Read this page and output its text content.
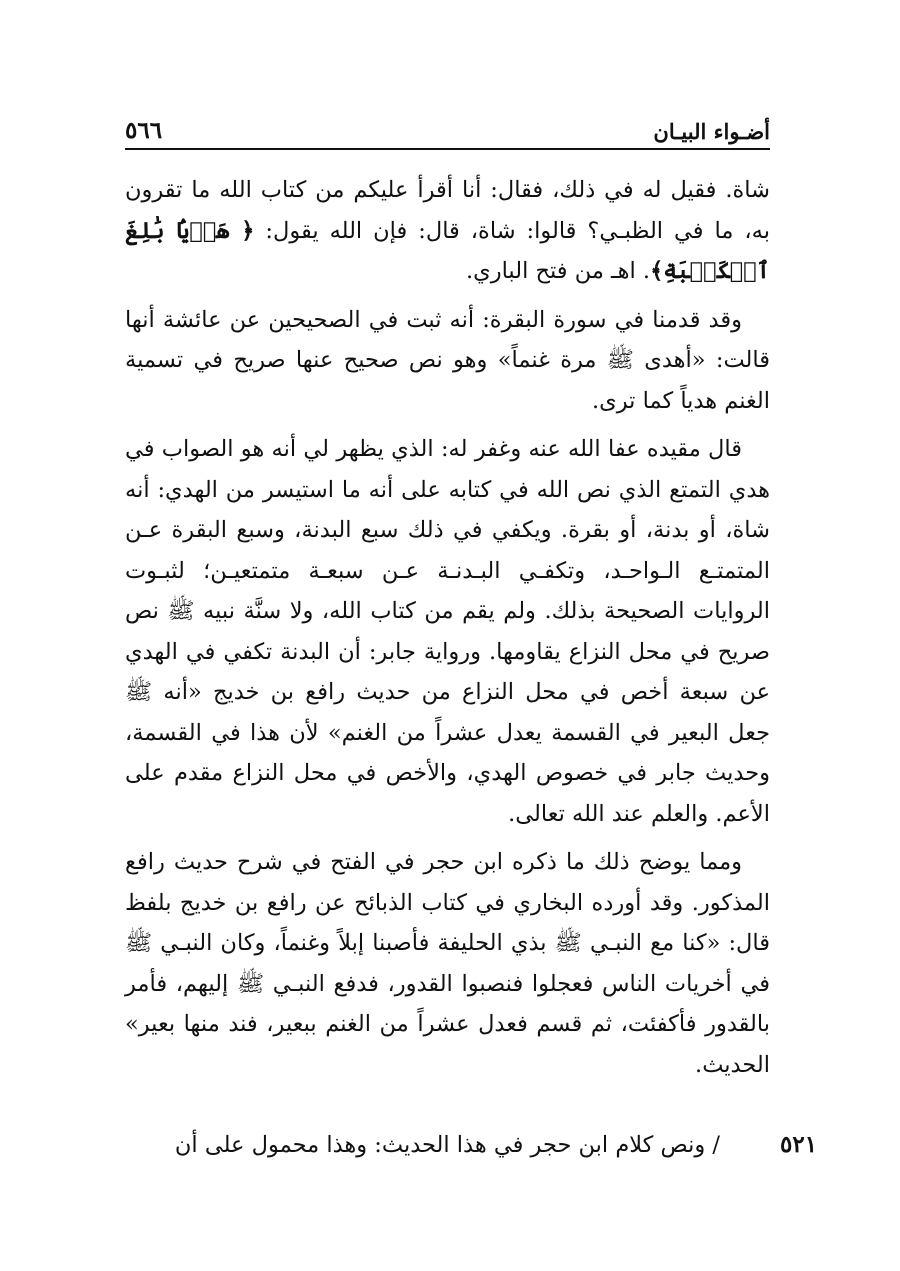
٥٦٦	أضـواء البيـان

شاة. فقيل له في ذلك، فقال: أنا أقرأ عليكم من كتاب الله ما تقرون به، ما في الظبـي؟ قالوا: شاة، قال: فإن الله يقول: ﴿ هَدۡيَۢا بَٰلِغَ ٱلۡكَعۡبَةِ﴾. اهـ من فتح الباري.

وقد قدمنا في سورة البقرة: أنه ثبت في الصحيحين عن عائشة أنها قالت: «أهدى ﷺ مرة غنماً» وهو نص صحيح عنها صريح في تسمية الغنم هدياً كما ترى.

قال مقيده عفا الله عنه وغفر له: الذي يظهر لي أنه هو الصواب في هدي التمتع الذي نص الله في كتابه على أنه ما استيسر من الهدي: أنه شاة، أو بدنة، أو بقرة. ويكفي في ذلك سبع البدنة، وسبع البقرة عـن المتمتـع الـواحـد، وتكفـي البـدنـة عـن سبعـة متمتعيـن؛ لثبـوت الروايات الصحيحة بذلك. ولم يقم من كتاب الله، ولا سنَّة نبيه ﷺ نص صريح في محل النزاع يقاومها. ورواية جابر: أن البدنة تكفي في الهدي عن سبعة أخص في محل النزاع من حديث رافع بن خديج «أنه ﷺ جعل البعير في القسمة يعدل عشراً من الغنم» لأن هذا في القسمة، وحديث جابر في خصوص الهدي، والأخص في محل النزاع مقدم على الأعم. والعلم عند الله تعالى.

ومما يوضح ذلك ما ذكره ابن حجر في الفتح في شرح حديث رافع المذكور. وقد أورده البخاري في كتاب الذبائح عن رافع بن خديج بلفظ قال: «كنا مع النبـي ﷺ بذي الحليفة فأصبنا إبلاً وغنماً، وكان النبـي ﷺ في أخريات الناس فعجلوا فنصبوا القدور، فدفع النبـي ﷺ إليهم، فأمر بالقدور فأكفئت، ثم قسم فعدل عشراً من الغنم ببعير، فند منها بعير» الحديث.

/ ونص كلام ابن حجر في هذا الحديث: وهذا محمول على أن	٥٢١
